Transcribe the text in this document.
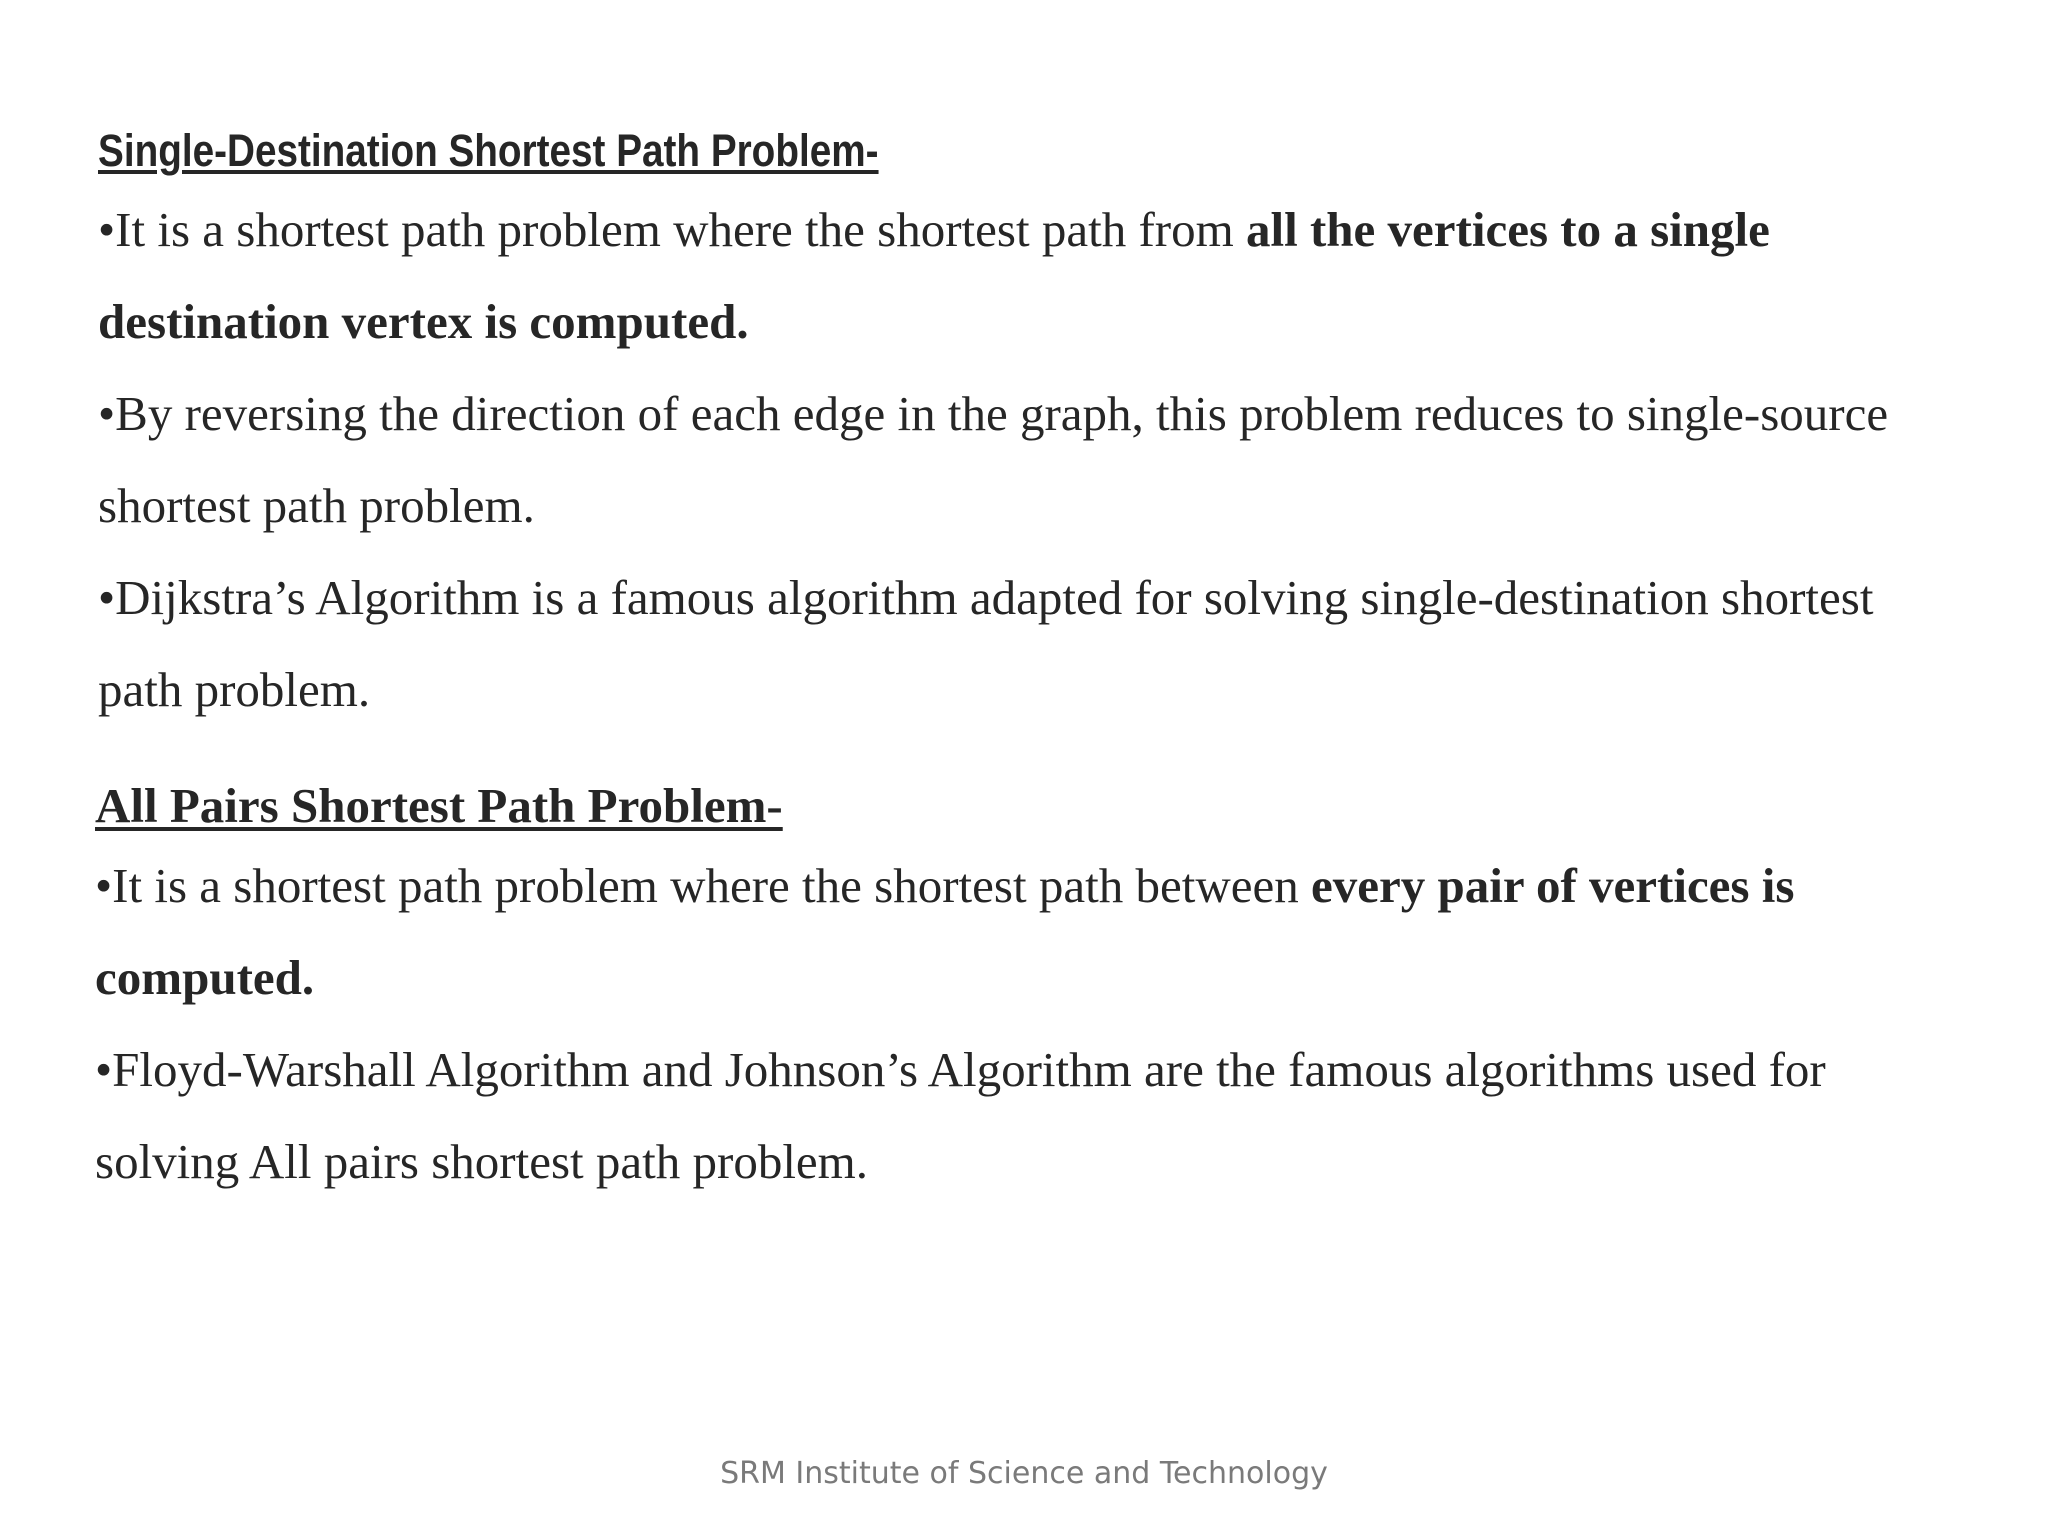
Single-Destination Shortest Path Problem-

•It is a shortest path problem where the shortest path from all the vertices to a single
destination vertex is computed.

•By reversing the direction of each edge in the graph, this problem reduces to single-source
shortest path problem.

•Dijkstra’s Algorithm is a famous algorithm adapted for solving single-destination shortest
path problem.

All Pairs Shortest Path Problem-

•It is a shortest path problem where the shortest path between every pair of vertices is
computed.

•Floyd-Warshall Algorithm and Johnson’s Algorithm are the famous algorithms used for
solving All pairs shortest path problem.

SRM Institute of Science and Technology
